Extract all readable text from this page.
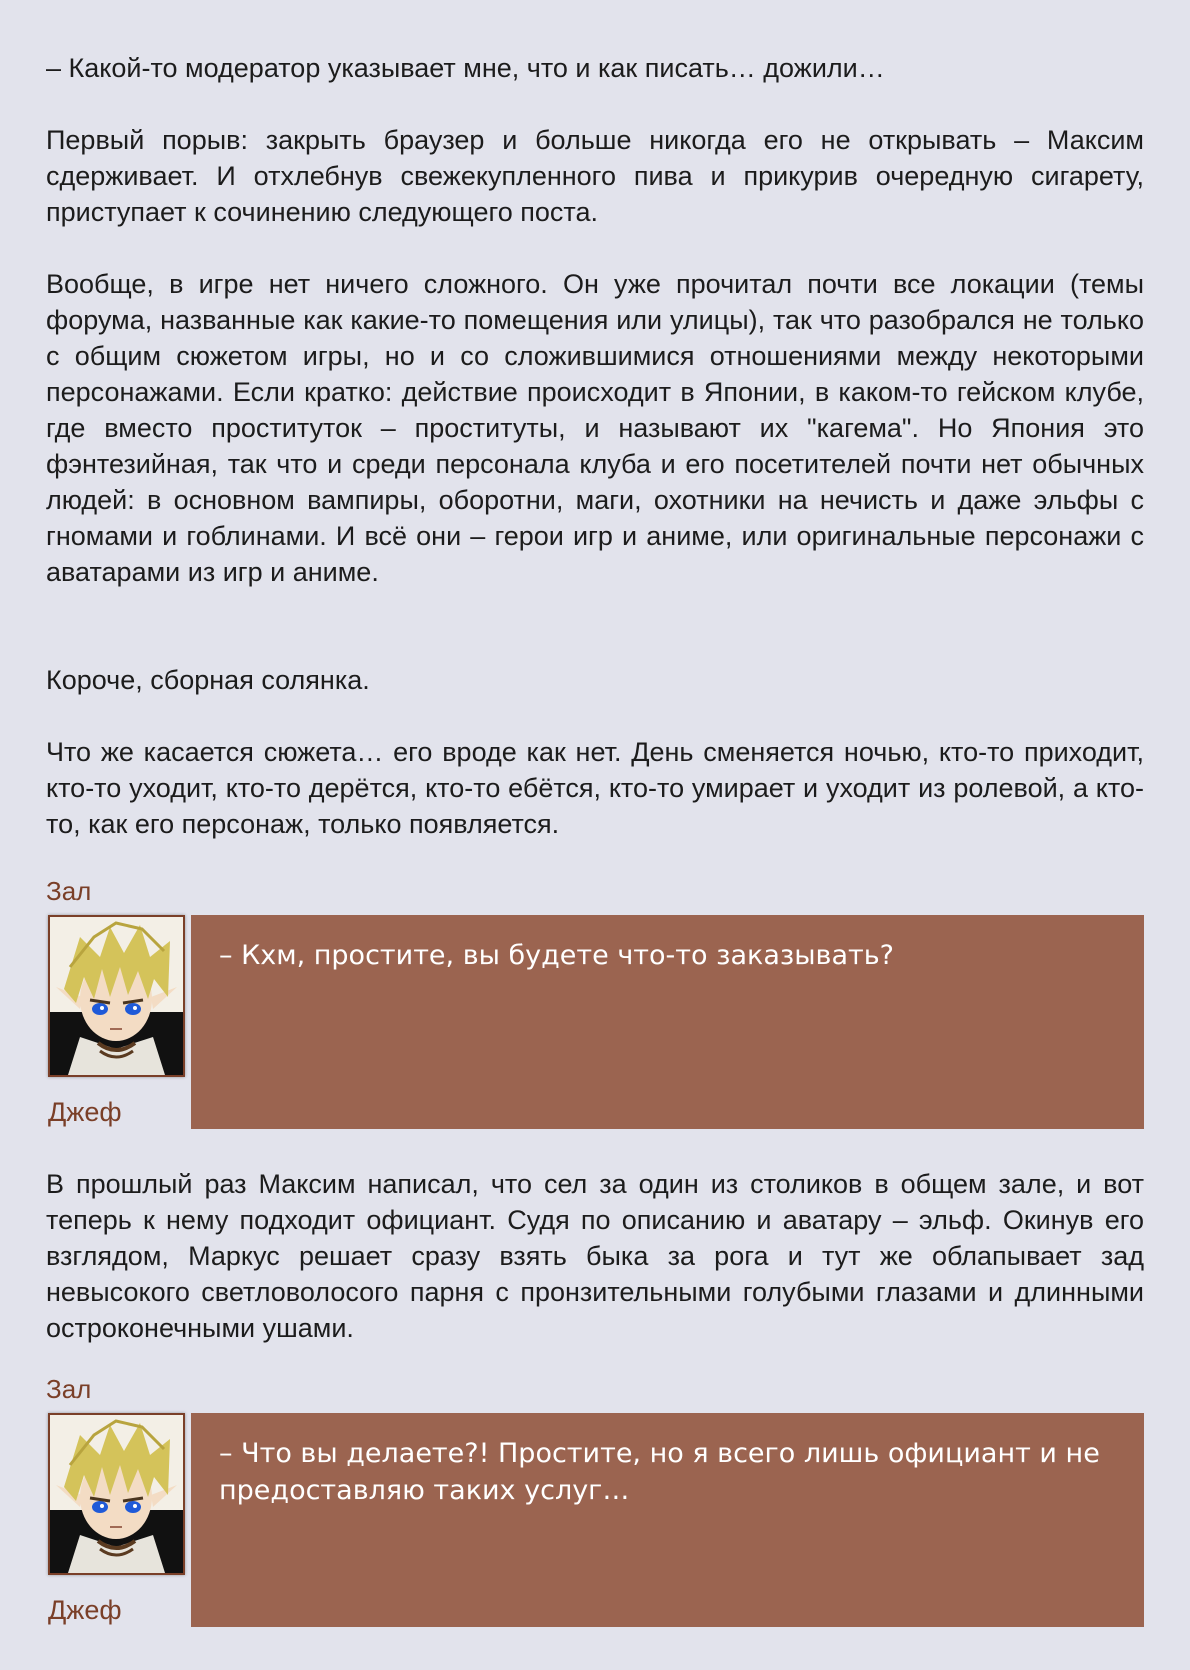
– Какой-то модератор указывает мне, что и как писать… дожили…

Первый порыв: закрыть браузер и больше никогда его не открывать – Максим сдерживает. И отхлебнув свежекупленного пива и прикурив очередную сигарету, приступает к сочинению следующего поста.

Вообще, в игре нет ничего сложного. Он уже прочитал почти все локации (темы форума, названные как какие-то помещения или улицы), так что разобрался не только с общим сюжетом игры, но и со сложившимися отношениями между некоторыми персонажами. Если кратко: действие происходит в Японии, в каком-то гейском клубе, где вместо проституток – проституты, и называют их "кагема". Но Япония это фэнтезийная, так что и среди персонала клуба и его посетителей почти нет обычных людей: в основном вампиры, оборотни, маги, охотники на нечисть и даже эльфы с гномами и гоблинами. И всё они – герои игр и аниме, или оригинальные персонажи с аватарами из игр и аниме.

Короче, сборная солянка.

Что же касается сюжета… его вроде как нет. День сменяется ночью, кто-то приходит, кто-то уходит, кто-то дерётся, кто-то ебётся, кто-то умирает и уходит из ролевой, а кто-то, как его персонаж, только появляется.

Зал
Джеф

– Кхм, простите, вы будете что-то заказывать?

В прошлый раз Максим написал, что сел за один из столиков в общем зале, и вот теперь к нему подходит официант. Судя по описанию и аватару – эльф. Окинув его взглядом, Маркус решает сразу взять быка за рога и тут же облапывает зад невысокого светловолосого парня с пронзительными голубыми глазами и длинными остроконечными ушами.

Зал
Джеф

– Что вы делаете?! Простите, но я всего лишь официант и не предоставляю таких услуг…
